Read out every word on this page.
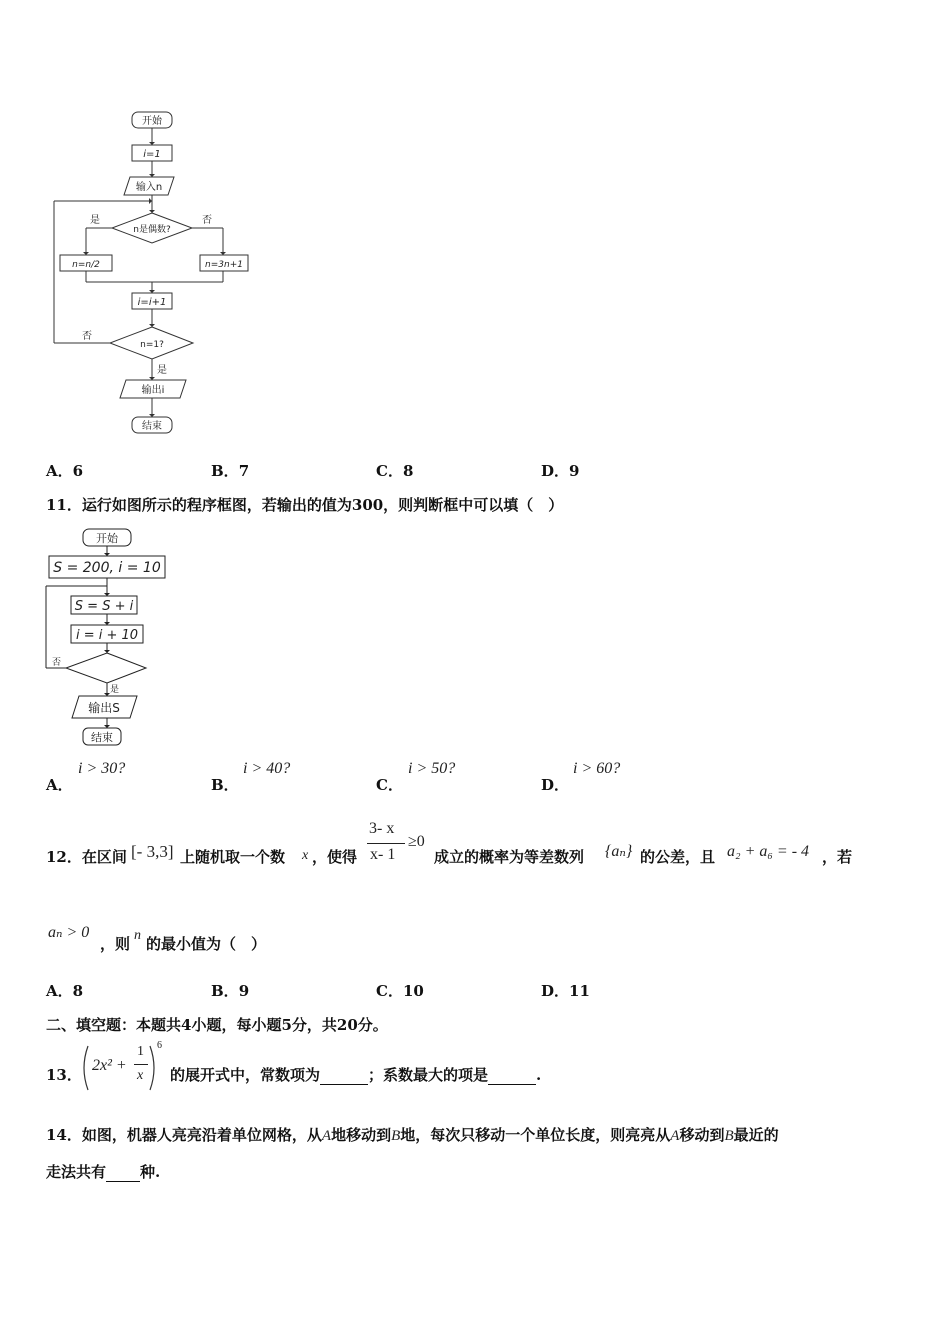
开始
i=1
输入n
n是偶数?
是	否
n=n/2	n=3n+1
i=i+1
n=1?
否
是
输出i
结束
A．6	B．7	C．8	D．9
11．运行如图所示的程序框图，若输出的值为300，则判断框中可以填（　）
开始
S = 200, i = 10
S = S + i
i = i + 10
否
是
输出S
结束
A．
i > 30?
B．
i > 40?
C．
i > 50?
D．
i > 60?
12．在区间 [- 3,3] 上随机取一个数 x ，使得
3- x
x- 1
≥0
成立的概率为等差数列 {aₙ} 的公差，且 a₂ + a₆ = - 4 ，若
aₙ > 0
，则 n 的最小值为（　）
A．8	B．9	C．10	D．11
二、填空题：本题共4小题，每小题5分，共20分。
13．
2x² +
1
x
6
的展开式中，常数项为	；系数最大的项是	.
14．如图，机器人亮亮沿着单位网格，从A地移动到B地，每次只移动一个单位长度，则亮亮从A移动到B最近的
走法共有 种.
